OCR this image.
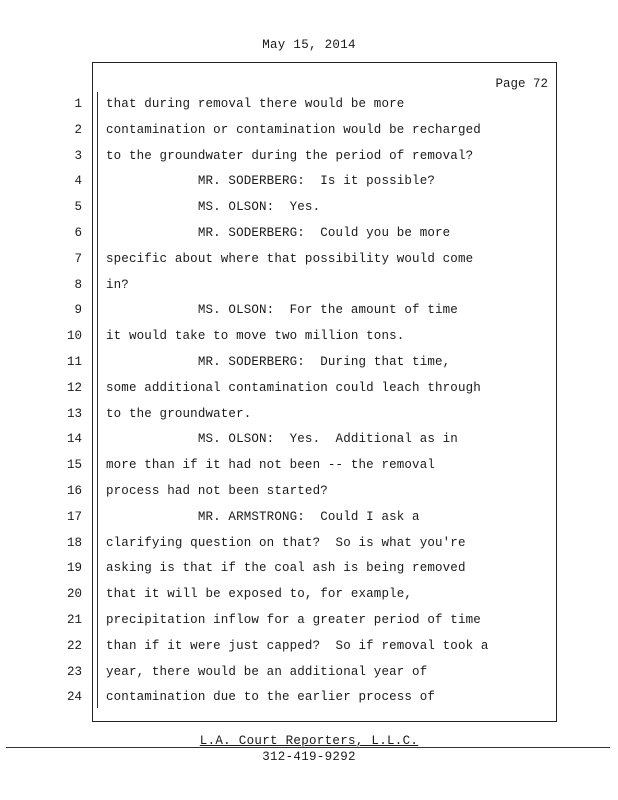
May 15, 2014
Page 72
1 that during removal there would be more
2 contamination or contamination would be recharged
3 to the groundwater during the period of removal?
4 MR. SODERBERG:  Is it possible?
5 MS. OLSON:  Yes.
6 MR. SODERBERG:  Could you be more
7 specific about where that possibility would come
8 in?
9 MS. OLSON:  For the amount of time
10 it would take to move two million tons.
11 MR. SODERBERG:  During that time,
12 some additional contamination could leach through
13 to the groundwater.
14 MS. OLSON:  Yes.  Additional as in
15 more than if it had not been -- the removal
16 process had not been started?
17 MR. ARMSTRONG:  Could I ask a
18 clarifying question on that?  So is what you're
19 asking is that if the coal ash is being removed
20 that it will be exposed to, for example,
21 precipitation inflow for a greater period of time
22 than if it were just capped?  So if removal took a
23 year, there would be an additional year of
24 contamination due to the earlier process of
L.A. Court Reporters, L.L.C.
312-419-9292
